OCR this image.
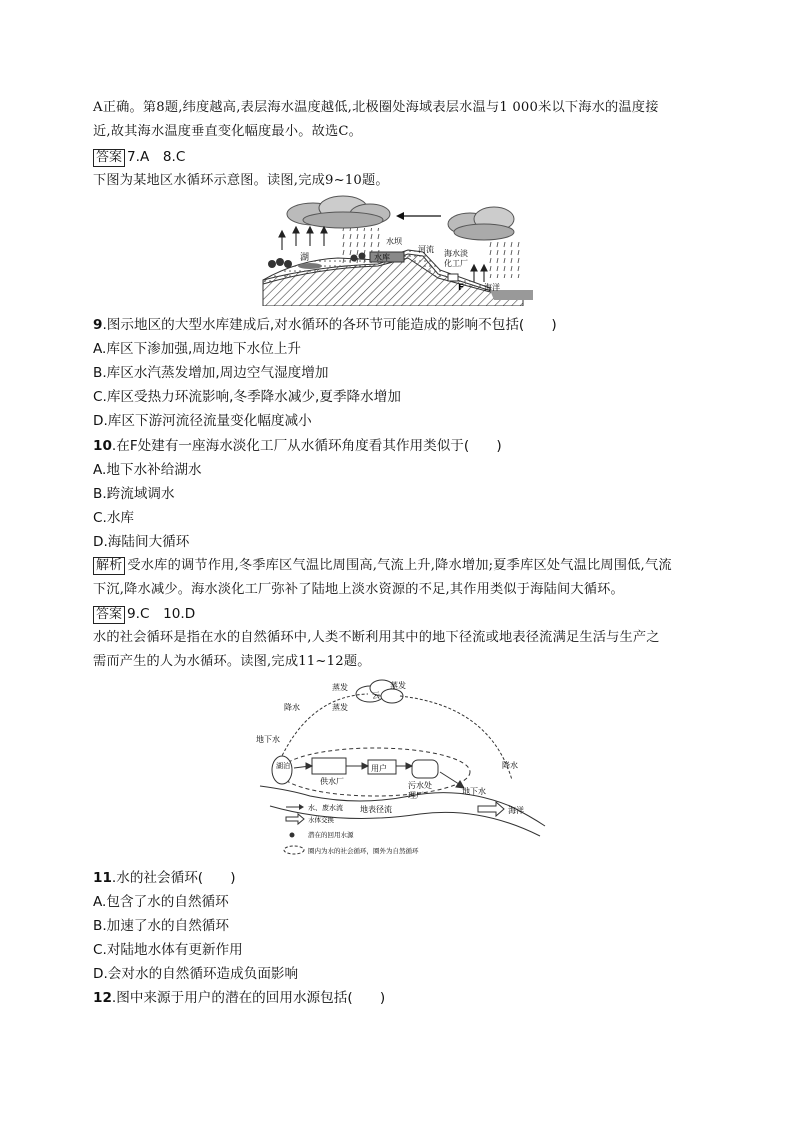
A正确。第8题,纬度越高,表层海水温度越低,北极圈处海域表层水温与1 000米以下海水的温度接
近,故其海水温度垂直变化幅度最小。故选C。
答案 7.A　8.C
下图为某地区水循环示意图。读图,完成9~10题。
湖	水库
水坝
河流 海水淡
化工厂
F 海洋
9.图示地区的大型水库建成后,对水循环的各环节可能造成的影响不包括(　　)
A.库区下渗加强,周边地下水位上升
B.库区水汽蒸发增加,周边空气湿度增加
C.库区受热力环流影响,冬季降水减少,夏季降水增加
D.库区下游河流径流量变化幅度减小
10.在F处建有一座海水淡化工厂从水循环角度看其作用类似于(　　)
A.地下水补给湖水
B.跨流域调水
C.水库
D.海陆间大循环
解析 受水库的调节作用,冬季库区气温比周围高,气流上升,降水增加;夏季库区处气温比周围低,气流
下沉,降水减少。海水淡化工厂弥补了陆地上淡水资源的不足,其作用类似于海陆间大循环。
答案 9.C　10.D
水的社会循环是指在水的自然循环中,人类不断利用其中的地下径流或地表径流满足生活与生产之
需而产生的人为水循环。读图,完成11~12题。
云
蒸发	蒸发
蒸发
降水
降水
湖泊
地下水
供水厂
用户
污水处
理厂	地下水
地表径流	海洋
水、废水流
水体交换
潜在的回用水源
圈内为水的社会循环，圈外为自然循环
11.水的社会循环(　　)
A.包含了水的自然循环
B.加速了水的自然循环
C.对陆地水体有更新作用
D.会对水的自然循环造成负面影响
12.图中来源于用户的潜在的回用水源包括(　　)
